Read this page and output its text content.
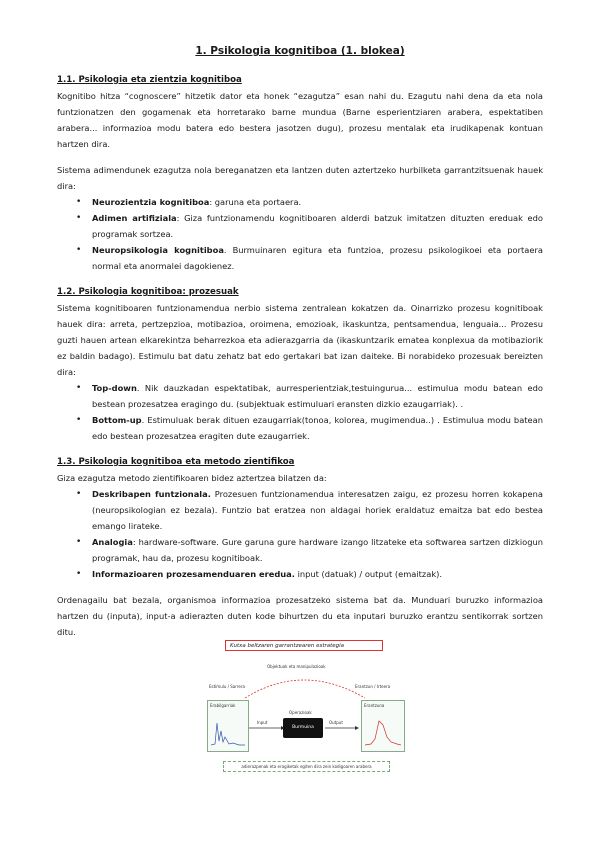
1. Psikologia kognitiboa (1. blokea)
1.1. Psikologia eta zientzia kognitiboa

Kognitibo hitza “cognoscere” hitzetik dator eta honek “ezagutza” esan nahi du. Ezagutu nahi dena da eta nola funtzionatzen den gogamenak eta horretarako barne mundua (Barne esperientziaren arabera, espektatiben arabera... informazioa modu batera edo bestera jasotzen dugu), prozesu mentalak eta irudikapenak kontuan hartzen dira.

Sistema adimendunek ezagutza nola bereganatzen eta lantzen duten aztertzeko hurbilketa garrantzitsuenak hauek dira:

• Neurozientzia kognitiboa: garuna eta portaera.
• Adimen artifiziala: Giza funtzionamendu kognitiboaren alderdi batzuk imitatzen dituzten ereduak edo programak sortzea.
• Neuropsikologia kognitiboa. Burmuinaren egitura eta funtzioa, prozesu psikologikoei eta portaera normal eta anormalei dagokienez.
1.2. Psikologia kognitiboa: prozesuak

Sistema kognitiboaren funtzionamendua nerbio sistema zentralean kokatzen da. Oinarrizko prozesu kognitiboak hauek dira: arreta, pertzepzioa, motibazioa, oroimena, emozioak, ikaskuntza, pentsamendua, lenguaia... Prozesu guzti hauen artean elkarekintza beharrezkoa eta adierazgarria da (ikaskuntzarik ematea konplexua da motibaziorik ez baldin badago). Estimulu bat datu zehatz bat edo gertakari bat izan daiteke. Bi norabideko prozesuak bereizten dira:

• Top-down. Nik dauzkadan espektatibak, aurresperientziak,testuingurua... estimulua modu batean edo bestean prozesatzea eragingo du. (subjektuak estimuluari eransten dizkio ezaugarriak). .
• Bottom-up. Estimuluak berak dituen ezaugarriak(tonoa, kolorea, mugimendua..) . Estimulua modu batean edo bestean prozesatzea eragiten dute ezaugarriek.
1.3. Psikologia kognitiboa eta metodo zientifikoa

Giza ezagutza metodo zientifikoaren bidez aztertzea bilatzen da:

• Deskribapen funtzionala. Prozesuen funtzionamendua interesatzen zaigu, ez prozesu horren kokapena (neuropsikologian ez bezala). Funtzio bat eratzea non aldagai horiek eraldatuz emaitza bat edo bestea emango lirateke.
• Analogia: hardware-software. Gure garuna gure hardware izango litzateke eta softwarea sartzen dizkiogun programak, hau da, prozesu kognitiboak.
• Informazioaren prozesamenduaren eredua. input (datuak) / output (emaitzak).

Ordenagailu bat bezala, organismoa informazioa prozesatzeko sistema bat da. Munduari buruzko informazioa hartzen du (inputa), input-a adierazten duten kode bihurtzen du eta inputari buruzko erantzu sentikorrak sortzen ditu.

Kutxa beltzaren garrantzearen estrategia
Objektuak eta manipulazioak
Estimulu / Sarrera	Erantzun / Irteera
Erabilgarriak	Erantzuna
Input	Output
Operazioak
Burmuina
adierazpenak eta eragiketak egiten dira zein kodigoaren arabera
